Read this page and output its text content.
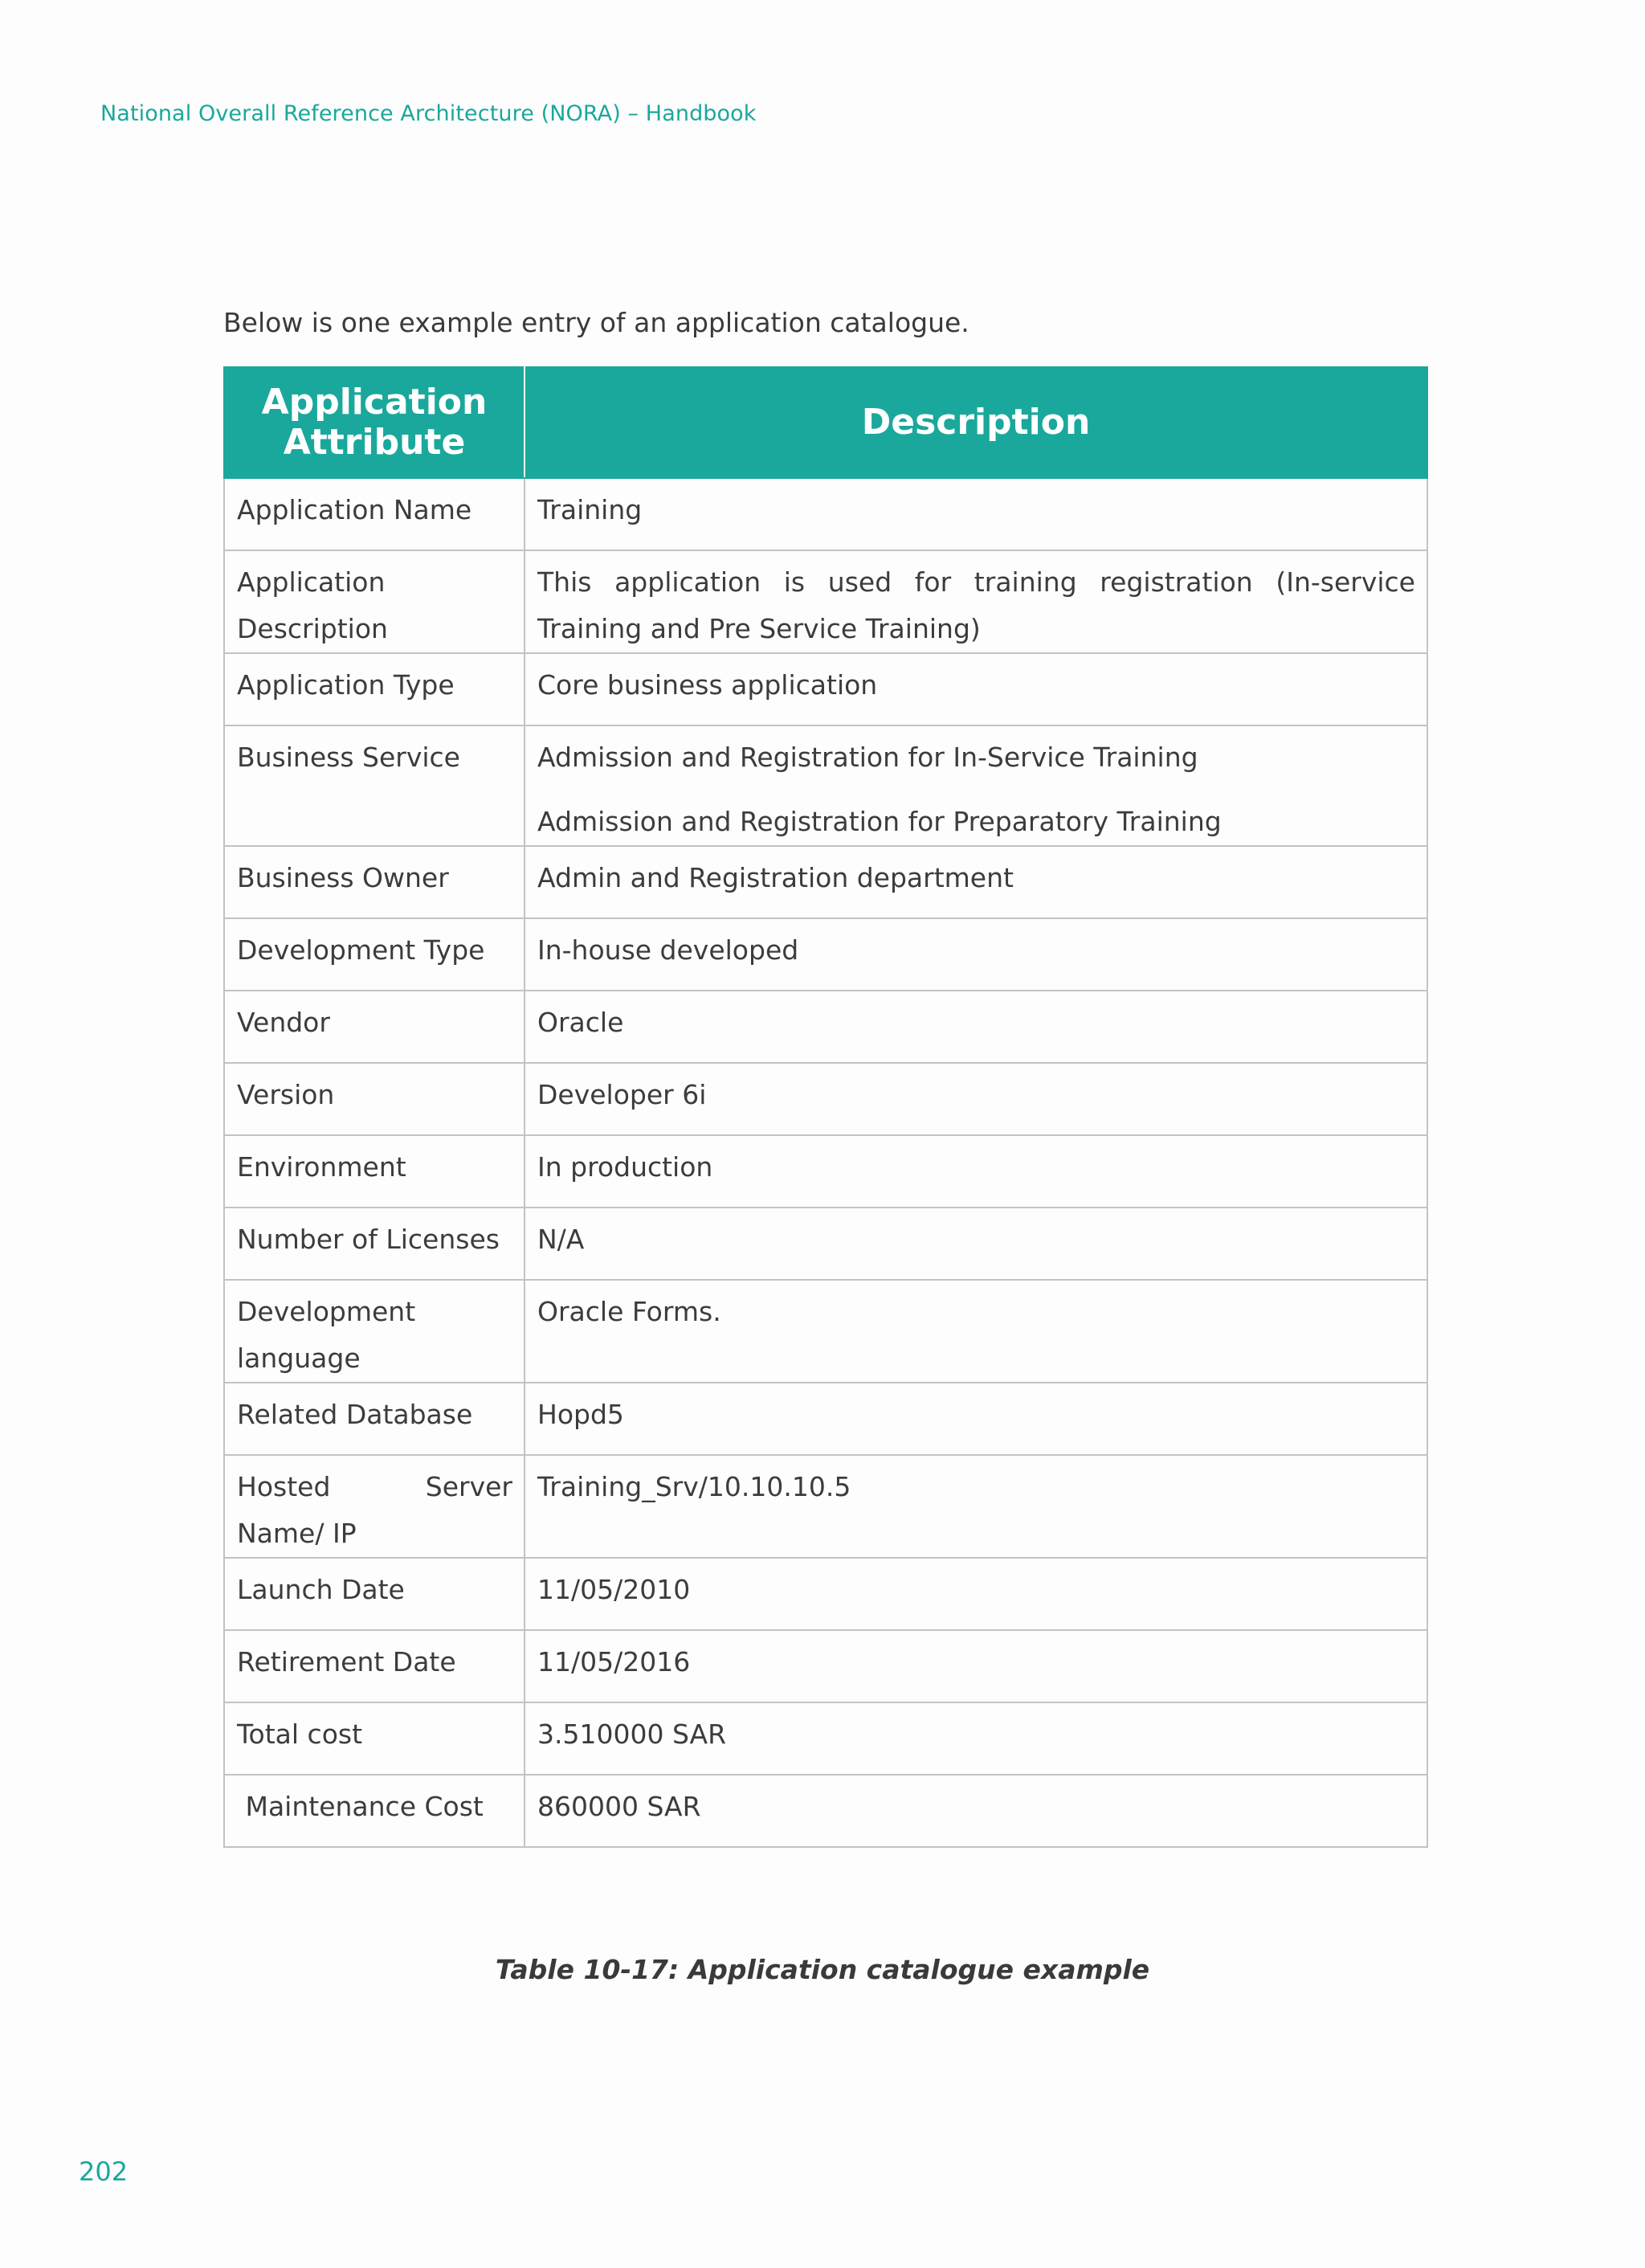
National Overall Reference Architecture (NORA) – Handbook
Below is one example entry of an application catalogue.
Application Attribute	Description
Application Name	Training
Application Description	This application is used for training registration (In-service Training and Pre Service Training)
Application Type	Core business application
Business Service	Admission and Registration for In-Service Training
Admission and Registration for Preparatory Training

Business Owner	Admin and Registration department
Development Type	In-house developed
Vendor	Oracle
Version	Developer 6i
Environment	In production
Number of Licenses	N/A
Development language	Oracle Forms.
Related Database	Hopd5
Hosted Server Name/ IP	Training_Srv/10.10.10.5
Launch Date	11/05/2010
Retirement Date	11/05/2016
Total cost	3.510000 SAR
Maintenance Cost	860000 SAR
Table 10-17: Application catalogue example
202
